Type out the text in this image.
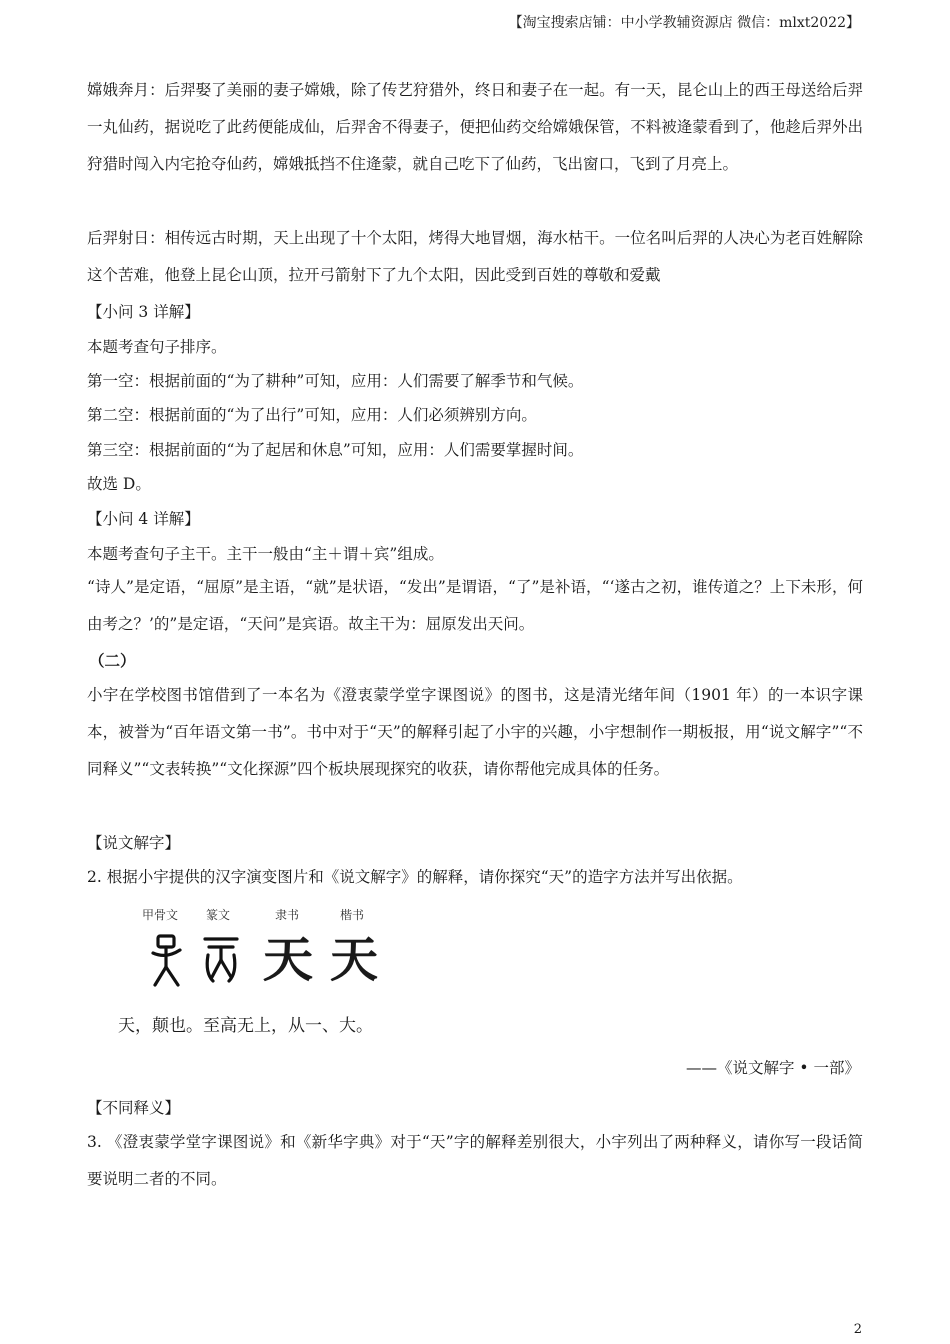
【淘宝搜索店铺：中小学教辅资源店 微信：mlxt2022】

嫦娥奔月：后羿娶了美丽的妻子嫦娥，除了传艺狩猎外，终日和妻子在一起。有一天，昆仑山上的西王母送给后羿一丸仙药，据说吃了此药便能成仙，后羿舍不得妻子，便把仙药交给嫦娥保管，不料被逄蒙看到了，他趁后羿外出狩猎时闯入内宅抢夺仙药，嫦娥抵挡不住逄蒙，就自己吃下了仙药，飞出窗口，飞到了月亮上。

后羿射日：相传远古时期，天上出现了十个太阳，烤得大地冒烟，海水枯干。一位名叫后羿的人决心为老百姓解除这个苦难，他登上昆仑山顶，拉开弓箭射下了九个太阳，因此受到百姓的尊敬和爱戴

【小问 3 详解】
本题考查句子排序。
第一空：根据前面的“为了耕种”可知，应用：人们需要了解季节和气候。
第二空：根据前面的“为了出行”可知，应用：人们必须辨别方向。
第三空：根据前面的“为了起居和休息”可知，应用：人们需要掌握时间。
故选 D。
【小问 4 详解】
本题考查句子主干。主干一般由“主＋谓＋宾”组成。

“诗人”是定语，“屈原”是主语，“就”是状语，“发出”是谓语，“了”是补语，“‘遂古之初，谁传道之？上下未形，何由考之？’的”是定语，“天问”是宾语。故主干为：屈原发出天问。

（二）

小宇在学校图书馆借到了一本名为《澄衷蒙学堂字课图说》的图书，这是清光绪年间（1901 年）的一本识字课本，被誉为“百年语文第一书”。书中对于“天”的解释引起了小宇的兴趣，小宇想制作一期板报，用“说文解字”“不同释义”“文表转换”“文化探源”四个板块展现探究的收获，请你帮他完成具体的任务。

【说文解字】
2. 根据小宇提供的汉字演变图片和《说文解字》的解释，请你探究“天”的造字方法并写出依据。
甲骨文 篆文	隶书	楷书
天 天
天，颠也。至高无上，从一、大。
——《说文解字 • 一部》
【不同释义】

3. 《澄衷蒙学堂字课图说》和《新华字典》对于“天”字的解释差别很大，小宇列出了两种释义，请你写一段话简要说明二者的不同。

2
